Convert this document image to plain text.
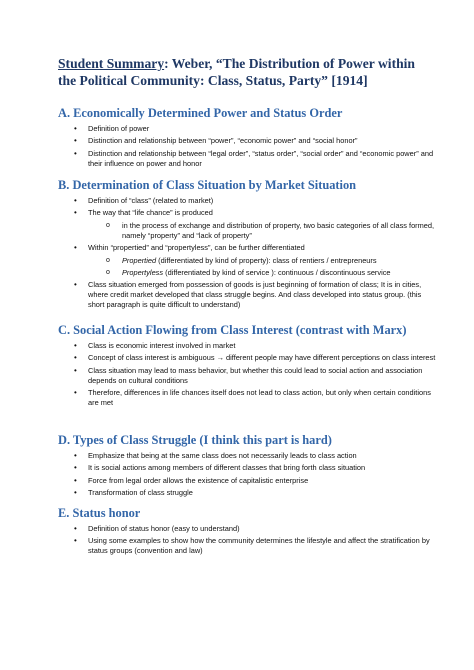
Student Summary: Weber, “The Distribution of Power within the Political Community: Class, Status, Party” [1914]
A. Economically Determined Power and Status Order
• Definition of power
• Distinction and relationship between “power”, “economic power” and “social honor”
• Distinction and relationship between “legal order”, “status order”, “social order” and “economic power” and their influence on power and honor
B. Determination of Class Situation by Market Situation
• Definition of “class” (related to market)
• The way that “life chance” is produced
o in the process of exchange and distribution of property, two basic categories of all class formed, namely “property” and “lack of property”
• Within “propertied” and “propertyless”, can be further differentiated
o Propertied (differentiated by kind of property): class of rentiers / entrepreneurs
o Propertyless (differentiated by kind of service ): continuous / discontinuous service
• Class situation emerged from possession of goods is just beginning of formation of class; It is in cities, where credit market developed that class struggle begins. And class developed into status group. (this short paragraph is quite difficult to understand)
C. Social Action Flowing from Class Interest (contrast with Marx)
• Class is economic interest involved in market
• Concept of class interest is ambiguous → different people may have different perceptions on class interest
• Class situation may lead to mass behavior, but whether this could lead to social action and association depends on cultural conditions
• Therefore, differences in life chances itself does not lead to class action, but only when certain conditions are met
D. Types of Class Struggle (I think this part is hard)
• Emphasize that being at the same class does not necessarily leads to class action
• It is social actions among members of different classes that bring forth class situation
• Force from legal order allows the existence of capitalistic enterprise
• Transformation of class struggle
E. Status honor
• Definition of status honor (easy to understand)
• Using some examples to show how the community determines the lifestyle and affect the stratification by status groups (convention and law)
